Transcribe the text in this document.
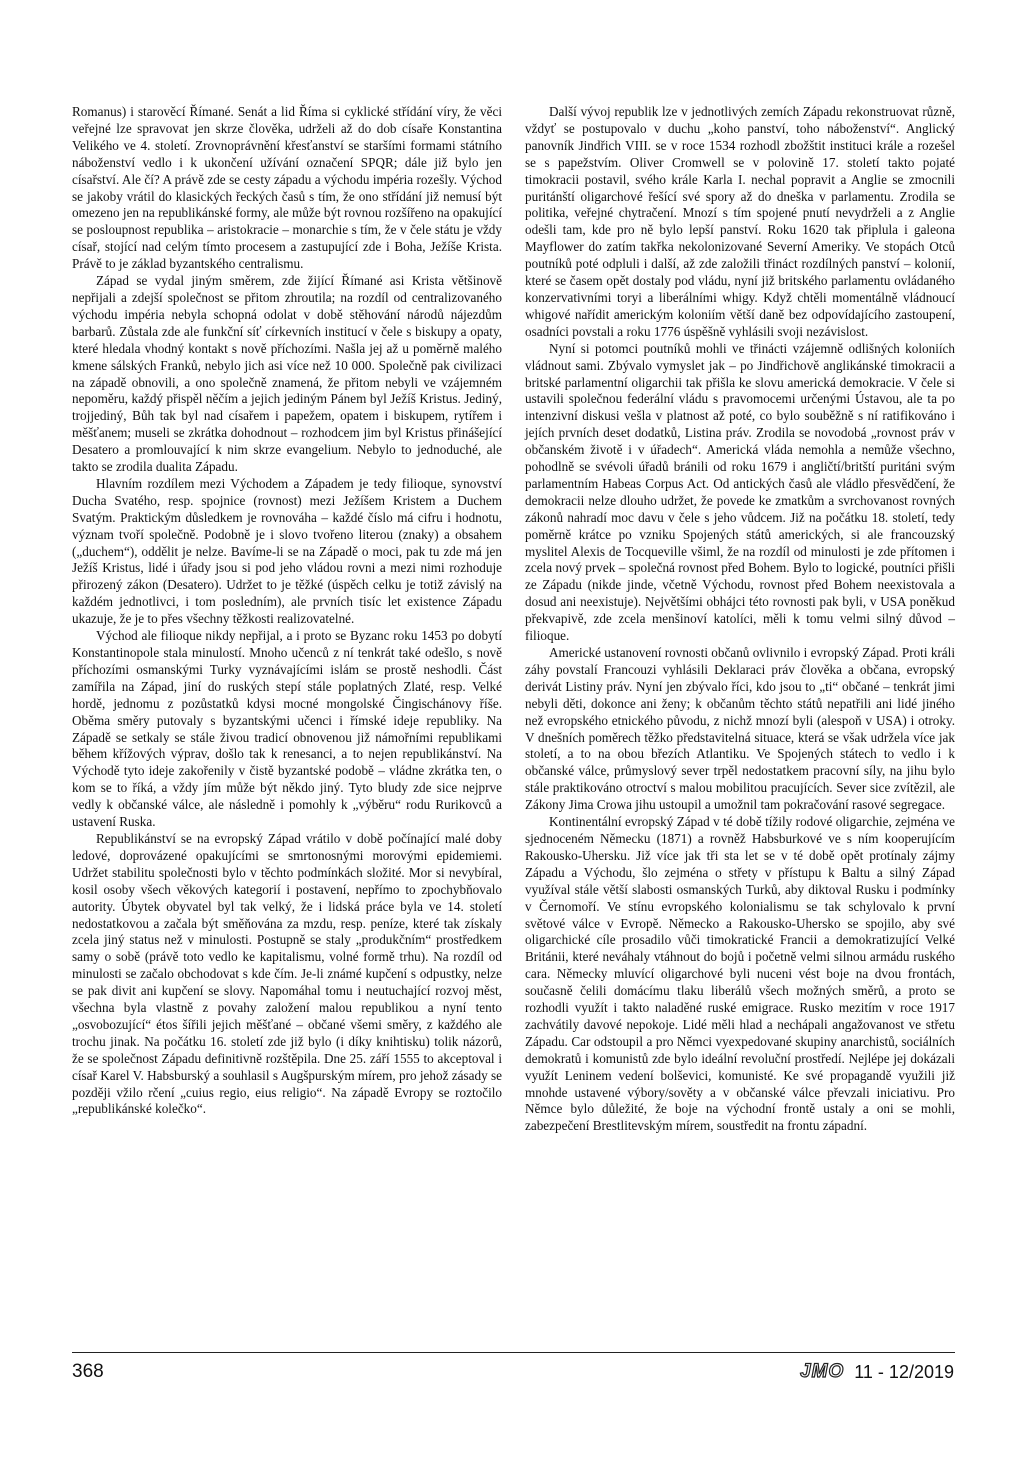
Romanus) i starověcí Římané. Senát a lid Říma si cyklické střídání víry, že věci veřejné lze spravovat jen skrze člověka, udrželi až do dob císaře Konstantina Velikého ve 4. století. Zrovnoprávnění křesťanství se staršími formami státního náboženství vedlo i k ukončení užívání označení SPQR; dále již bylo jen císařství. Ale čí? A právě zde se cesty západu a východu impéria rozešly. Východ se jakoby vrátil do klasických řeckých časů s tím, že ono střídání již nemusí být omezeno jen na republikánské formy, ale může být rovnou rozšířeno na opakující se posloupnost republika – aristokracie – monarchie s tím, že v čele státu je vždy císař, stojící nad celým tímto procesem a zastupující zde i Boha, Ježíše Krista. Právě to je základ byzantského centralismu.

Západ se vydal jiným směrem, zde žijící Římané asi Krista většinově nepřijali a zdejší společnost se přitom zhroutila; na rozdíl od centralizovaného východu impéria nebyla schopná odolat v době stěhování národů nájezdům barbarů. Zůstala zde ale funkční síť církevních institucí v čele s biskupy a opaty, které hledala vhodný kontakt s nově příchozími. Našla jej až u poměrně malého kmene sálských Franků, nebylo jich asi více než 10 000. Společně pak civilizaci na západě obnovili, a ono společně znamená, že přitom nebyli ve vzájemném nepoměru, každý přispěl něčím a jejich jediným Pánem byl Ježíš Kristus. Jediný, trojjediný, Bůh tak byl nad císařem i papežem, opatem i biskupem, rytířem i měšťanem; museli se zkrátka dohodnout – rozhodcem jim byl Kristus přinášející Desatero a promlouvající k nim skrze evangelium. Nebylo to jednoduché, ale takto se zrodila dualita Západu.

Hlavním rozdílem mezi Východem a Západem je tedy filioque, synovství Ducha Svatého, resp. spojnice (rovnost) mezi Ježíšem Kristem a Duchem Svatým. Praktickým důsledkem je rovnováha – každé číslo má cifru i hodnotu, význam tvoří společně. Podobně je i slovo tvořeno literou (znaky) a obsahem („duchem“), oddělit je nelze. Bavíme-li se na Západě o moci, pak tu zde má jen Ježíš Kristus, lidé i úřady jsou si pod jeho vládou rovni a mezi nimi rozhoduje přirozený zákon (Desatero). Udržet to je těžké (úspěch celku je totiž závislý na každém jednotlivci, i tom posledním), ale prvních tisíc let existence Západu ukazuje, že je to přes všechny těžkosti realizovatelné.

Východ ale filioque nikdy nepřijal, a i proto se Byzanc roku 1453 po dobytí Konstantinopole stala minulostí. Mnoho učenců z ní tenkrát také odešlo, s nově příchozími osmanskými Turky vyznávajícími islám se prostě neshodli. Část zamířila na Západ, jiní do ruských stepí stále poplatných Zlaté, resp. Velké hordě, jednomu z pozůstatků kdysi mocné mongolské Čingischánovy říše. Oběma směry putovaly s byzantskými učenci i římské ideje republiky. Na Západě se setkaly se stále živou tradicí obnovenou již námořními republikami během křížových výprav, došlo tak k renesanci, a to nejen republikánství. Na Východě tyto ideje zakořenily v čistě byzantské podobě – vládne zkrátka ten, o kom se to říká, a vždy jím může být někdo jiný. Tyto bludy zde sice nejprve vedly k občanské válce, ale následně i pomohly k „výběru“ rodu Rurikovců a ustavení Ruska.

Republikánství se na evropský Západ vrátilo v době počínající malé doby ledové, doprovázené opakujícími se smrtonosnými morovými epidemiemi. Udržet stabilitu společnosti bylo v těchto podmínkách složité. Mor si nevybíral, kosil osoby všech věkových kategorií i postavení, nepřímo to zpochybňovalo autority. Úbytek obyvatel byl tak velký, že i lidská práce byla ve 14. století nedostatkovou a začala být směňována za mzdu, resp. peníze, které tak získaly zcela jiný status než v minulosti. Postupně se staly „produkčním“ prostředkem samy o sobě (právě toto vedlo ke kapitalismu, volné formě trhu). Na rozdíl od minulosti se začalo obchodovat s kde čím. Je-li známé kupčení s odpustky, nelze se pak divit ani kupčení se slovy. Napomáhal tomu i neutuchající rozvoj měst, všechna byla vlastně z povahy založení malou republikou a nyní tento „osvobozující“ étos šířili jejich měšťané – občané všemi směry, z každého ale trochu jinak. Na počátku 16. století zde již bylo (i díky knihtisku) tolik názorů, že se společnost Západu definitivně rozštěpila. Dne 25. září 1555 to akceptoval i císař Karel V. Habsburský a souhlasil s Augšpurským mírem, pro jehož zásady se později vžilo rčení „cuius regio, eius religio“. Na západě Evropy se roztočilo „republikánské kolečko“.

Další vývoj republik lze v jednotlivých zemích Západu rekonstruovat různě, vždyť se postupovalo v duchu „koho panství, toho náboženství“. Anglický panovník Jindřich VIII. se v roce 1534 rozhodl zbožštit instituci krále a rozešel se s papežstvím. Oliver Cromwell se v polovině 17. století takto pojaté timokracii postavil, svého krále Karla I. nechal popravit a Anglie se zmocnili puritánští oligarchové řešící své spory až do dneška v parlamentu. Zrodila se politika, veřejné chytračení. Mnozí s tím spojené pnutí nevydrželi a z Anglie odešli tam, kde pro ně bylo lepší panství. Roku 1620 tak připlula i galeona Mayflower do zatím takřka nekolonizované Severní Ameriky. Ve stopách Otců poutníků poté odpluli i další, až zde založili třináct rozdílných panství – kolonií, které se časem opět dostaly pod vládu, nyní již britského parlamentu ovládaného konzervativními toryi a liberálními whigy. Když chtěli momentálně vládnoucí whigové nařídit americkým koloniím větší daně bez odpovídajícího zastoupení, osadníci povstali a roku 1776 úspěšně vyhlásili svoji nezávislost.

Nyní si potomci poutníků mohli ve třinácti vzájemně odlišných koloniích vládnout sami. Zbývalo vymyslet jak – po Jindřichově anglikánské timokracii a britské parlamentní oligarchii tak přišla ke slovu americká demokracie. V čele si ustavili společnou federální vládu s pravomocemi určenými Ústavou, ale ta po intenzivní diskusi vešla v platnost až poté, co bylo souběžně s ní ratifikováno i jejích prvních deset dodatků, Listina práv. Zrodila se novodobá „rovnost práv v občanském životě i v úřadech“. Americká vláda nemohla a nemůže všechno, pohodlně se svévoli úřadů bránili od roku 1679 i angličtí/britští puritáni svým parlamentním Habeas Corpus Act. Od antických časů ale vládlo přesvědčení, že demokracii nelze dlouho udržet, že povede ke zmatkům a svrchovanost rovných zákonů nahradí moc davu v čele s jeho vůdcem. Již na počátku 18. století, tedy poměrně krátce po vzniku Spojených států amerických, si ale francouzský myslitel Alexis de Tocqueville všiml, že na rozdíl od minulosti je zde přítomen i zcela nový prvek – společná rovnost před Bohem. Bylo to logické, poutníci přišli ze Západu (nikde jinde, včetně Východu, rovnost před Bohem neexistovala a dosud ani neexistuje). Největšími obhájci této rovnosti pak byli, v USA poněkud překvapivě, zde zcela menšinoví katolíci, měli k tomu velmi silný důvod – filioque.

Americké ustanovení rovnosti občanů ovlivnilo i evropský Západ. Proti králi záhy povstalí Francouzi vyhlásili Deklaraci práv člověka a občana, evropský derivát Listiny práv. Nyní jen zbývalo říci, kdo jsou to „ti“ občané – tenkrát jimi nebyli děti, dokonce ani ženy; k občanům těchto států nepatřili ani lidé jiného než evropského etnického původu, z nichž mnozí byli (alespoň v USA) i otroky. V dnešních poměrech těžko představitelná situace, která se však udržela více jak století, a to na obou březích Atlantiku. Ve Spojených státech to vedlo i k občanské válce, průmyslový sever trpěl nedostatkem pracovní síly, na jihu bylo stále praktikováno otroctví s malou mobilitou pracujících. Sever sice zvítězil, ale Zákony Jima Crowa jihu ustoupil a umožnil tam pokračování rasové segregace.

Kontinentální evropský Západ v té době tížily rodové oligarchie, zejména ve sjednoceném Německu (1871) a rovněž Habsburkové ve s ním kooperujícím Rakousko-Uhersku. Již více jak tři sta let se v té době opět protínaly zájmy Západu a Východu, šlo zejména o střety v přístupu k Baltu a silný Západ využíval stále větší slabosti osmanských Turků, aby diktoval Rusku i podmínky v Černomoří. Ve stínu evropského kolonialismu se tak schylovalo k první světové válce v Evropě. Německo a Rakousko-Uhersko se spojilo, aby své oligarchické cíle prosadilo vůči timokratické Francii a demokratizující Velké Británii, které neváhaly vtáhnout do bojů i početně velmi silnou armádu ruského cara. Německy mluvící oligarchové byli nuceni vést boje na dvou frontách, současně čelili domácímu tlaku liberálů všech možných směrů, a proto se rozhodli využít i takto naladěné ruské emigrace. Rusko mezitím v roce 1917 zachvátily davové nepokoje. Lidé měli hlad a nechápali angažovanost ve střetu Západu. Car odstoupil a pro Němci vyexpedované skupiny anarchistů, sociálních demokratů i komunistů zde bylo ideální revoluční prostředí. Nejlépe jej dokázali využít Leninem vedení bolševici, komunisté. Ke své propagandě využili již mnohde ustavené výbory/sověty a v občanské válce převzali iniciativu. Pro Němce bylo důležité, že boje na východní frontě ustaly a oni se mohli, zabezpečení Brestlitevským mírem, soustředit na frontu západní.

368	JMO 11 - 12/2019
